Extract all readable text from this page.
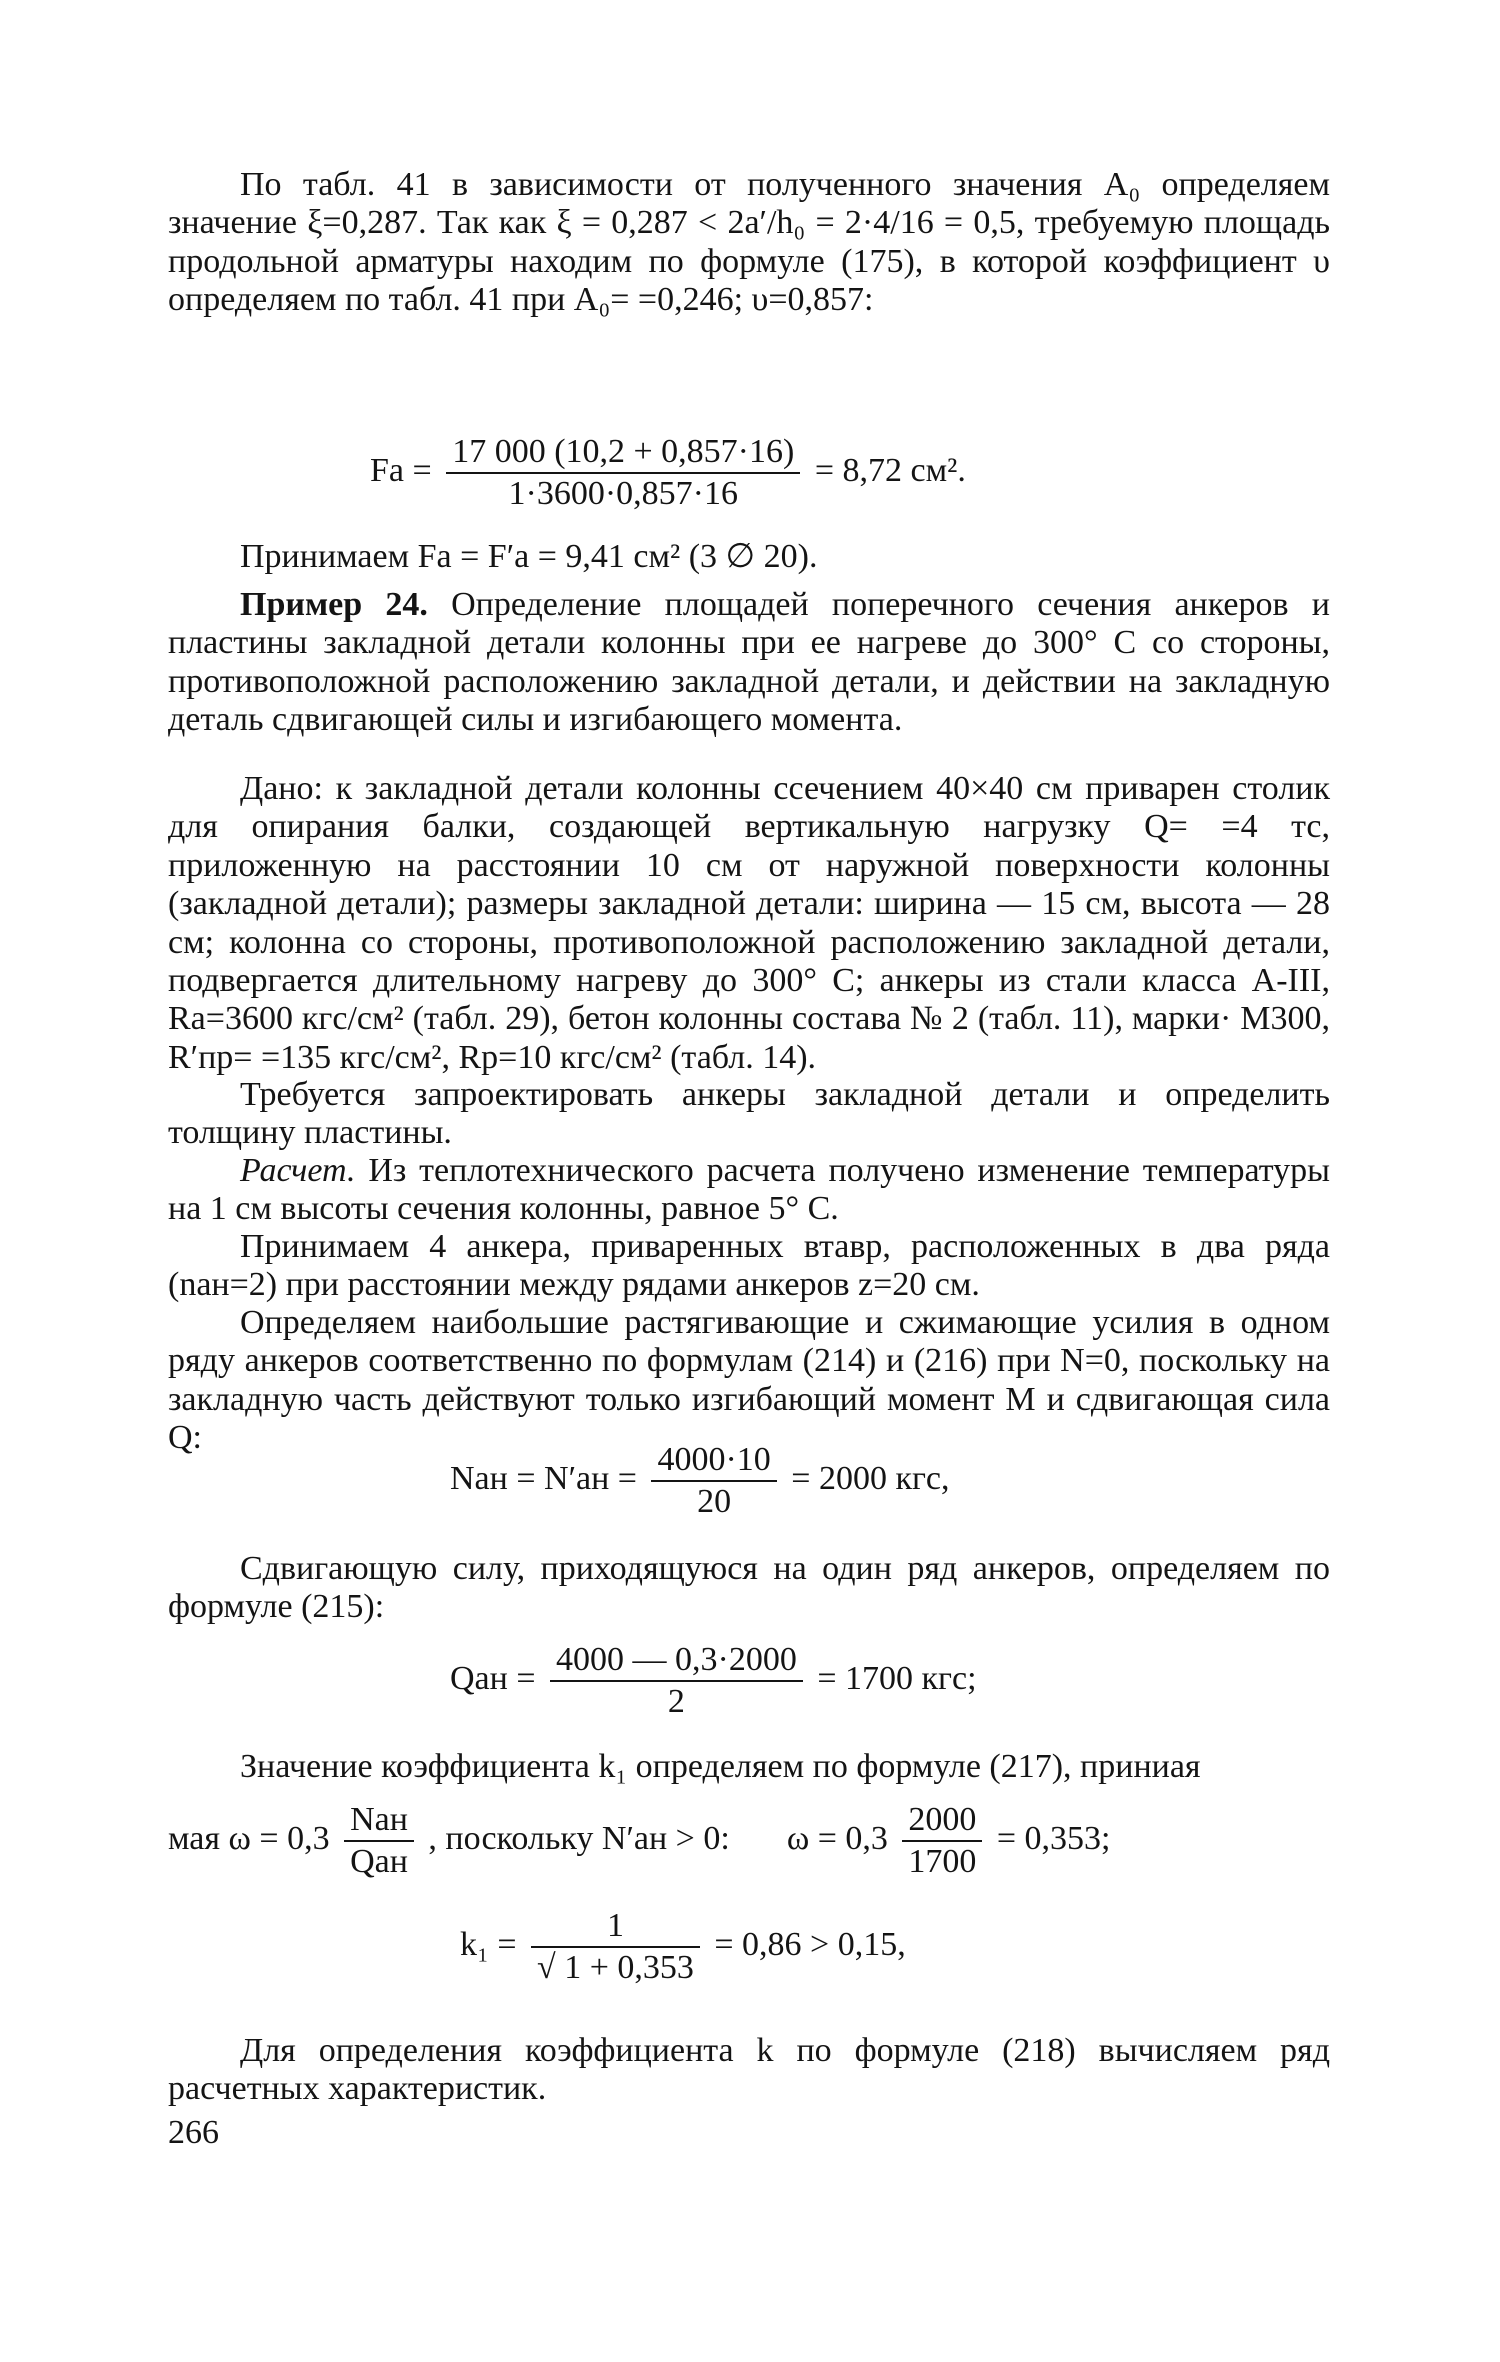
По табл. 41 в зависимости от полученного значения A₀ определяем значение ξ=0,287. Так как ξ = 0,287 < 2a′/h₀ = 2·4/16 = 0,5, требуемую площадь продольной арматуры находим по формуле (175), в которой коэффициент υ определяем по табл. 41 при A₀= =0,246; υ=0,857:

Fа = $\frac{17 000 (10,2 + 0,857\cdot 16)}{1\cdot 3600\cdot 0,857\cdot 16} = 8,72$ см².

Принимаем Fа = F′а = 9,41 см² (3 ∅ 20).

Пример 24. Определение площадей поперечного сечения анкеров и пластины закладной детали колонны при ее нагреве до 300° C со стороны, противоположной расположению закладной детали, и действии на закладную деталь сдвигающей силы и изгибающего момента.

Дано: к закладной детали колонны ссечением 40×40 см приварен столик для опирания балки, создающей вертикальную нагрузку Q= =4 тс, приложенную на расстоянии 10 см от наружной поверхности колонны (закладной детали); размеры закладной детали: ширина — 15 см, высота — 28 см; колонна со стороны, противоположной расположению закладной детали, подвергается длительному нагреву до 300° C; анкеры из стали класса A-III, Rа=3600 кгс/см² (табл. 29), бетон колонны состава № 2 (табл. 11), марки· M300, R′пр= =135 кгс/см², Rр=10 кгс/см² (табл. 14).

Требуется запроектировать анкеры закладной детали и определить толщину пластины.

Расчет. Из теплотехнического расчета получено изменение температуры на 1 см высоты сечения колонны, равное 5° C.

Принимаем 4 анкера, приваренных втавр, расположенных в два ряда (nан=2) при расстоянии между рядами анкеров z=20 см.

Определяем наибольшие растягивающие и сжимающие усилия в одном ряду анкеров соответственно по формулам (214) и (216) при N=0, поскольку на закладную часть действуют только изгибающий момент M и сдвигающая сила Q:

Nан = $N'ан = \frac{4000\cdot 10}{20} = 2000$ кгс,

Сдвигающую силу, приходящуюся на один ряд анкеров, определяем по формуле (215):

Qан = $\frac{4000 — 0,3\cdot 2000}{2} = 1700$ кгс;

Значение коэффициента k₁ определяем по формуле (217), приниая

мая $\omega = 0,3 \frac{\text{Nан}}{\text{Qан}}$ , поскольку N′ан > 0: $\omega = 0,3 \frac{2000}{1700} = 0,353$;
$k_1 = \frac{1}{√ 1 + 0,353} = 0,86 > 0,15$,

Для определения коэффициента k по формуле (218) вычисляем ряд расчетных характеристик.

266
